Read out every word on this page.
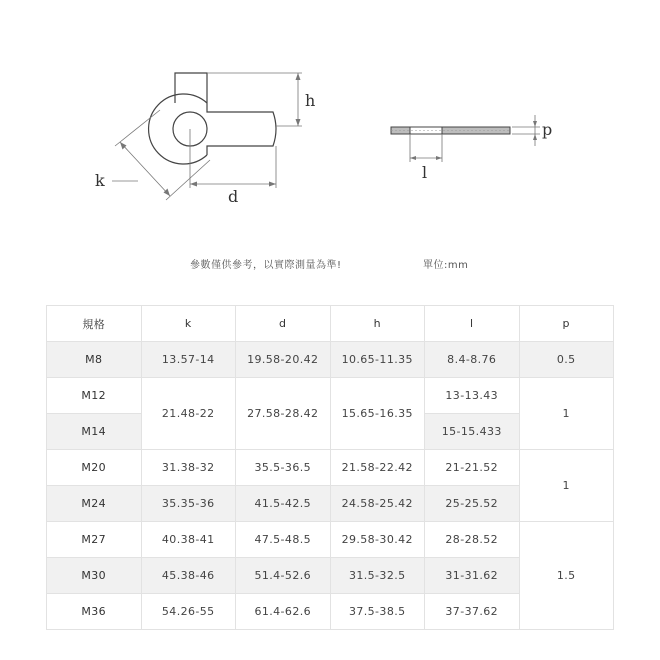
h
d
k
p
l
參數僅供參考，以實際測量為準!	單位:mm
規格	k	d	h	l	p
M8	13.57-14	19.58-20.42	10.65-11.35	8.4-8.76	0.5
M12	21.48-22	27.58-28.42	15.65-16.35	13-13.43	1
M14				15-15.433	
M20	31.38-32	35.5-36.5	21.58-22.42	21-21.52	1
M24	35.35-36	41.5-42.5	24.58-25.42	25-25.52	
M27	40.38-41	47.5-48.5	29.58-30.42	28-28.52	1.5
M30	45.38-46	51.4-52.6	31.5-32.5	31-31.62	
M36	54.26-55	61.4-62.6	37.5-38.5	37-37.62	
